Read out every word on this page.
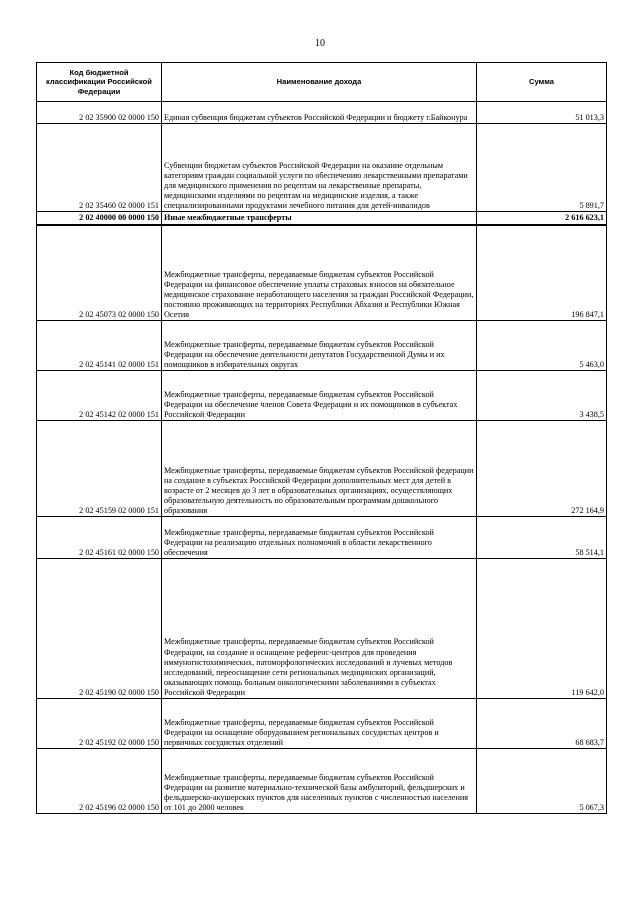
10
Код бюджетной классификации Российской Федерации	Наименование дохода	Сумма
2 02 35900 02 0000 150	Единая субвенция бюджетам субъектов Российской Федерации и бюджету г.Байконура	51 013,3
2 02 35460 02 0000 151	Субвенции бюджетам субъектов Российской Федерации на оказание отдельным категориям граждан социальной услуги по обеспечению лекарственными препаратами для медицинского применения по рецептам на лекарственные препараты, медицинскими изделиями по рецептам на медицинские изделия, а также специализированными продуктами лечебного питания для детей-инвалидов	5 891,7
2 02 40000 00 0000 150	Иные межбюджетные трансферты	2 616 623,1
2 02 45073 02 0000 150	Межбюджетные трансферты, передаваемые бюджетам субъектов Российской Федерации на финансовое обеспечение уплаты страховых взносов на обязательное медицинское страхование неработающего населения за граждан Российской Федерации, постоянно проживающих на территориях Республики Абхазия и Республики Южная Осетия	196 847,1
2 02 45141 02 0000 151	Межбюджетные трансферты, передаваемые бюджетам субъектов Российской Федерации на обеспечение деятельности депутатов Государственной Думы и их помощников в избирательных округах	5 463,0
2 02 45142 02 0000 151	Межбюджетные трансферты, передаваемые бюджетам субъектов Российской Федерации на обеспечение членов Совета Федерации и их помощников в субъектах Российской Федерации	3 438,5
2 02 45159 02 0000 151	Межбюджетные трансферты, передаваемые бюджетам субъектов Российской федерации на создание в субъектах Российской Федерации дополнительных мест для детей в возрасте от 2 месяцев до 3 лет в образовательных организациях, осуществляющих образовательную деятельность по образовательным программам дошкольного образования	272 164,9
2 02 45161 02 0000 150	Межбюджетные трансферты, передаваемые бюджетам субъектов Российской Федерации на реализацию отдельных полномочий в области лекарственного обеспечения	58 514,1
2 02 45190 02 0000 150	Межбюджетные трансферты, передаваемые бюджетам субъектов Российской Федерации, на создание и оснащение референс-центров для проведения иммуногистохимических, патоморфологических исследований и лучевых методов исследований, переоснащение сети региональных медицинских организаций, оказывающих помощь больным онкологическими заболеваниями в субъектах Российской Федерации	119 642,0
2 02 45192 02 0000 150	Межбюджетные трансферты, передаваемые бюджетам субъектов Российской Федерации на оснащение оборудованием региональных сосудистых центров и первичных сосудистых отделений	68 683,7
2 02 45196 02 0000 150	Межбюджетные трансферты, передаваемые бюджетам субъектов Российской Федерации на развитие материально-технической базы амбулаторий, фельдшерских и фельдшерско-акушерских пунктов для населенных пунктов с численностью населения от 101 до 2000 человек	5 067,3
